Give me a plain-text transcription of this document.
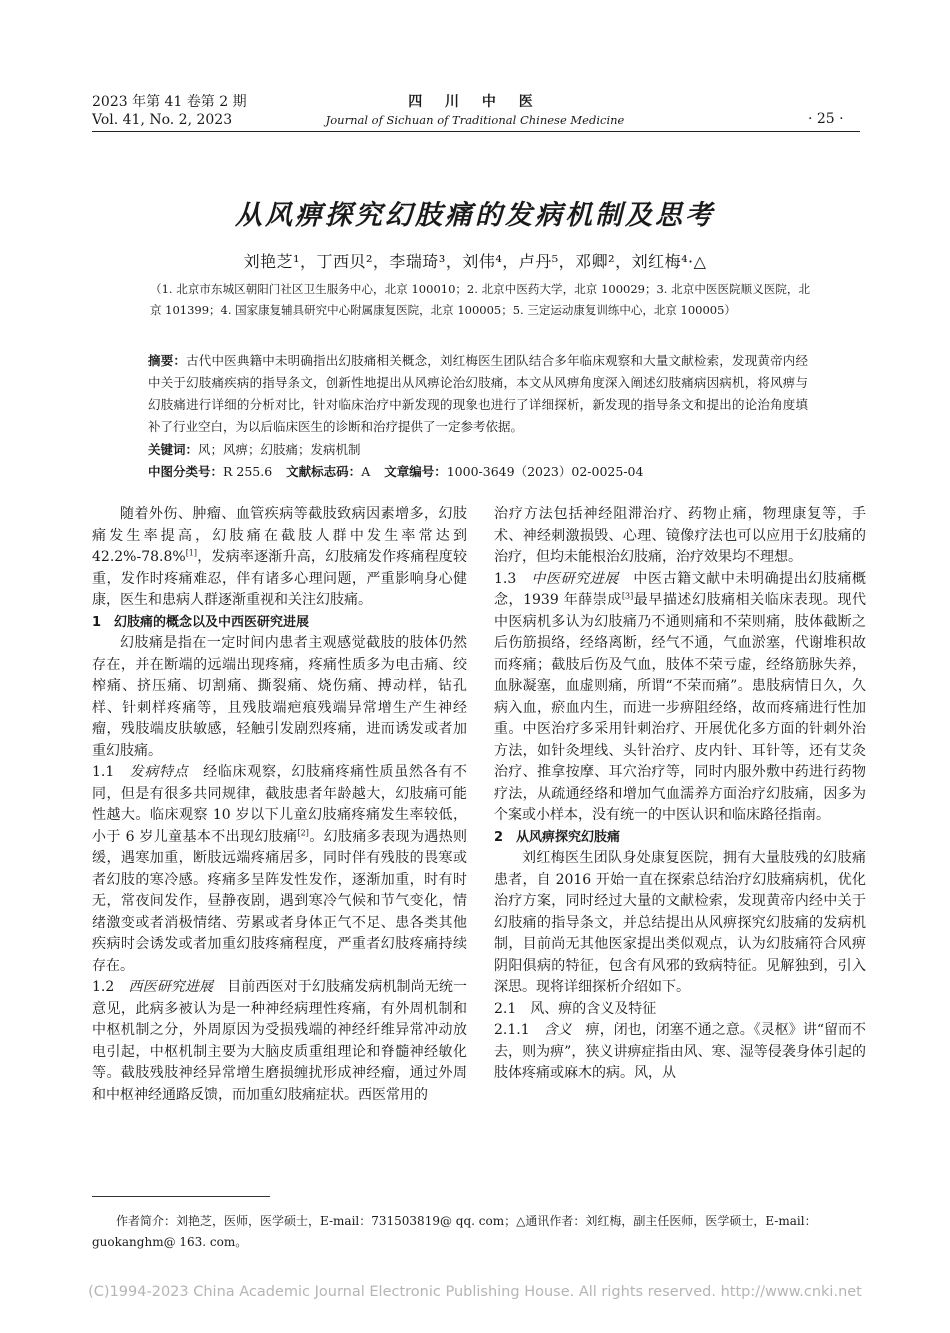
2023 年第 41 卷第 2 期
Vol. 41, No. 2, 2023
四 川 中 医
Journal of Sichuan of Traditional Chinese Medicine	· 25 ·
从风痹探究幻肢痛的发病机制及思考
刘艳芝¹，丁西贝²，李瑞琦³，刘伟⁴，卢丹⁵，邓卿²，刘红梅⁴·△
（1. 北京市东城区朝阳门社区卫生服务中心，北京 100010；2. 北京中医药大学，北京 100029；3. 北京中医医院顺义医院，北京 101399；4. 国家康复辅具研究中心附属康复医院，北京 100005；5. 三定运动康复训练中心，北京 100005）
摘要：古代中医典籍中未明确指出幻肢痛相关概念，刘红梅医生团队结合多年临床观察和大量文献检索，发现黄帝内经中关于幻肢痛疾病的指导条文，创新性地提出从风痹论治幻肢痛，本文从风痹角度深入阐述幻肢痛病因病机，将风痹与幻肢痛进行详细的分析对比，针对临床治疗中新发现的现象也进行了详细探析，新发现的指导条文和提出的论治角度填补了行业空白，为以后临床医生的诊断和治疗提供了一定参考依据。
关键词：风；风痹；幻肢痛；发病机制
中图分类号：R 255.6 文献标志码：A 文章编号：1000-3649（2023）02-0025-04

随着外伤、肿瘤、血管疾病等截肢致病因素增多，幻肢痛发生率提高，幻肢痛在截肢人群中发生率常达到 42.2%-78.8%[1]，发病率逐渐升高，幻肢痛发作疼痛程度较重，发作时疼痛难忍，伴有诸多心理问题，严重影响身心健康，医生和患病人群逐渐重视和关注幻肢痛。

1　幻肢痛的概念以及中西医研究进展

幻肢痛是指在一定时间内患者主观感觉截肢的肢体仍然存在，并在断端的远端出现疼痛，疼痛性质多为电击痛、绞榨痛、挤压痛、切割痛、撕裂痛、烧伤痛、搏动样，钻孔样、针刺样疼痛等，且残肢端疤痕残端异常增生产生神经瘤，残肢端皮肤敏感，轻触引发剧烈疼痛，进而诱发或者加重幻肢痛。

1.1　发病特点　经临床观察，幻肢痛疼痛性质虽然各有不同，但是有很多共同规律，截肢患者年龄越大，幻肢痛可能性越大。临床观察 10 岁以下儿童幻肢痛疼痛发生率较低，小于 6 岁儿童基本不出现幻肢痛[2]。幻肢痛多表现为遇热则缓，遇寒加重，断肢远端疼痛居多，同时伴有残肢的畏寒或者幻肢的寒冷感。疼痛多呈阵发性发作，逐渐加重，时有时无，常夜间发作，昼静夜剧，遇到寒冷气候和节气变化，情绪激变或者消极情绪、劳累或者身体正气不足、患各类其他疾病时会诱发或者加重幻肢疼痛程度，严重者幻肢疼痛持续存在。

1.2　西医研究进展　目前西医对于幻肢痛发病机制尚无统一意见，此病多被认为是一种神经病理性疼痛，有外周机制和中枢机制之分，外周原因为受损残端的神经纤维异常冲动放电引起，中枢机制主要为大脑皮质重组理论和脊髓神经敏化等。截肢残肢神经异常增生磨损缠扰形成神经瘤，通过外周和中枢神经通路反馈，而加重幻肢痛症状。西医常用的

治疗方法包括神经阻滞治疗、药物止痛，物理康复等，手术、神经刺激损毁、心理、镜像疗法也可以应用于幻肢痛的治疗，但均未能根治幻肢痛，治疗效果均不理想。

1.3　中医研究进展　中医古籍文献中未明确提出幻肢痛概念，1939 年薛崇成[3]最早描述幻肢痛相关临床表现。现代中医病机多认为幻肢痛乃不通则痛和不荣则痛，肢体截断之后伤筋损络，经络离断，经气不通，气血淤塞，代谢堆积故而疼痛；截肢后伤及气血，肢体不荣亏虚，经络筋脉失养，血脉凝塞，血虚则痛，所谓“不荣而痛”。患肢病情日久，久病入血，瘀血内生，而进一步痹阻经络，故而疼痛进行性加重。中医治疗多采用针刺治疗、开展优化多方面的针刺外治方法，如针灸埋线、头针治疗、皮内针、耳针等，还有艾灸治疗、推拿按摩、耳穴治疗等，同时内服外敷中药进行药物疗法，从疏通经络和增加气血濡养方面治疗幻肢痛，因多为个案或小样本，没有统一的中医认识和临床路径指南。

2　从风痹探究幻肢痛

刘红梅医生团队身处康复医院，拥有大量肢残的幻肢痛患者，自 2016 开始一直在探索总结治疗幻肢痛病机，优化治疗方案，同时经过大量的文献检索，发现黄帝内经中关于幻肢痛的指导条文，并总结提出从风痹探究幻肢痛的发病机制，目前尚无其他医家提出类似观点，认为幻肢痛符合风痹阴阳俱病的特征，包含有风邪的致病特征。见解独到，引入深思。现将详细探析介绍如下。

2.1　风、痹的含义及特征

2.1.1　含义　痹，闭也，闭塞不通之意。《灵枢》讲“留而不去，则为痹”，狭义讲痹症指由风、寒、湿等侵袭身体引起的肢体疼痛或麻木的病。风，从

作者简介：刘艳芝，医师，医学硕士，E-mail：731503819@ qq. com；△通讯作者：刘红梅，副主任医师，医学硕士，E-mail：guokanghm@ 163. com。
(C)1994-2023 China Academic Journal Electronic Publishing House. All rights reserved. http://www.cnki.net
